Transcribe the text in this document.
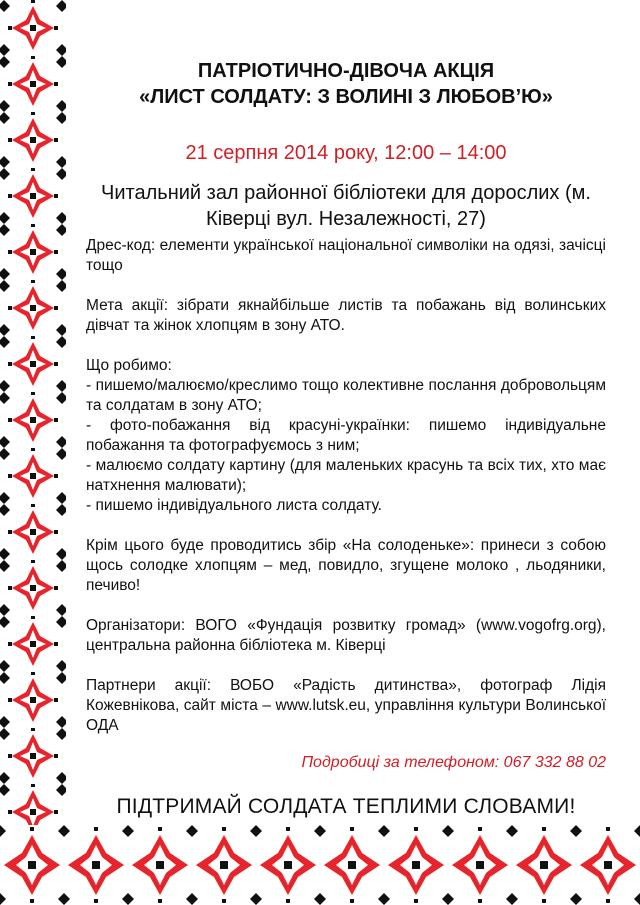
ПАТРІОТИЧНО-ДІВОЧА АКЦІЯ
«ЛИСТ СОЛДАТУ: З ВОЛИНІ З ЛЮБОВ’Ю»
21 серпня 2014 року, 12:00 – 14:00
Читальний зал районної бібліотеки для дорослих (м. Ківерці вул. Незалежності, 27)

Дрес-код: елементи української національної символіки на одязі, зачісці тощо

Мета акції: зібрати якнайбільше листів та побажань від волинських дівчат та жінок хлопцям в зону АТО.

Що робимо:

- пишемо/малюємо/креслимо тощо колективне послання добровольцям та солдатам в зону АТО;
- фото-побажання від красуні-українки: пишемо індивідуальне побажання та фотографуємось з ним;
- малюємо солдату картину (для маленьких красунь та всіх тих, хто має натхнення малювати);
- пишемо індивідуального листа солдату.

Крім цього буде проводитись збір «На солоденьке»: принеси з собою щось солодке хлопцям – мед, повидло, згущене молоко , льодяники, печиво!

Організатори: ВОГО «Фундація розвитку громад» (www.vogofrg.org), центральна районна бібліотека м. Ківерці

Партнери акції: ВОБО «Радість дитинства», фотограф Лідія Кожевнікова, сайт міста – www.lutsk.eu, управління культури Волинської ОДА

Подробиці за телефоном: 067 332 88 02
ПІДТРИМАЙ СОЛДАТА ТЕПЛИМИ СЛОВАМИ!
